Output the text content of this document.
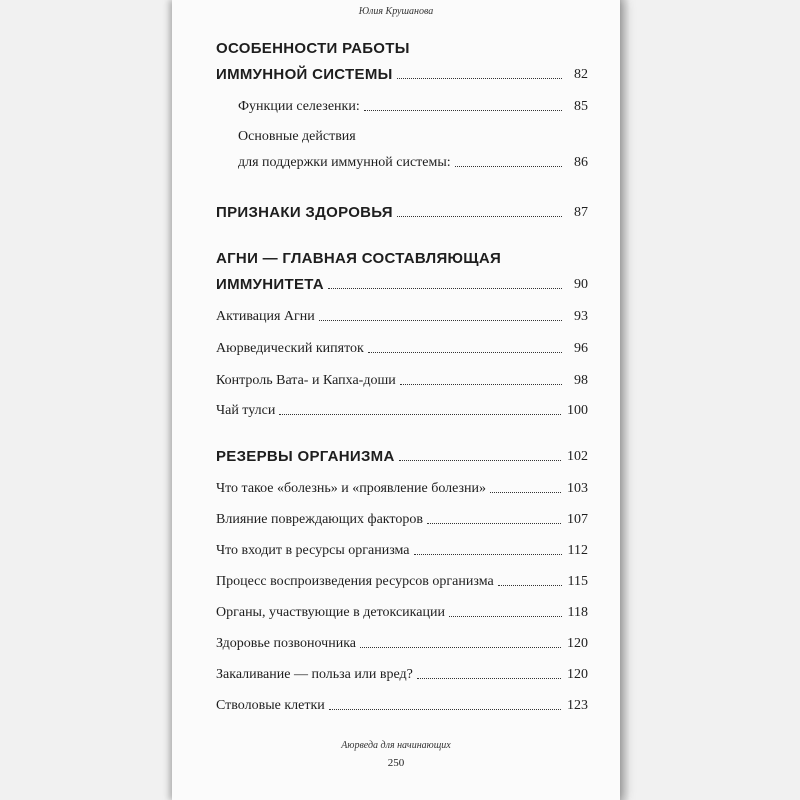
Юлия Крушанова
ОСОБЕННОСТИ РАБОТЫ
ИММУННОЙ СИСТЕМЫ	82
Функции селезенки:	85
Основные действия
для поддержки иммунной системы:	86
ПРИЗНАКИ ЗДОРОВЬЯ	87
АГНИ — ГЛАВНАЯ СОСТАВЛЯЮЩАЯ
ИММУНИТЕТА	90
Активация Агни	93
Аюрведический кипяток	96
Контроль Вата- и Капха-доши	98
Чай тулси	100
РЕЗЕРВЫ ОРГАНИЗМА	102
Что такое «болезнь» и «проявление болезни»	103
Влияние повреждающих факторов	107
Что входит в ресурсы организма	112
Процесс воспроизведения ресурсов организма	115
Органы, участвующие в детоксикации	118
Здоровье позвоночника	120
Закаливание — польза или вред?	120
Стволовые клетки	123
Аюрведа для начинающих
250
